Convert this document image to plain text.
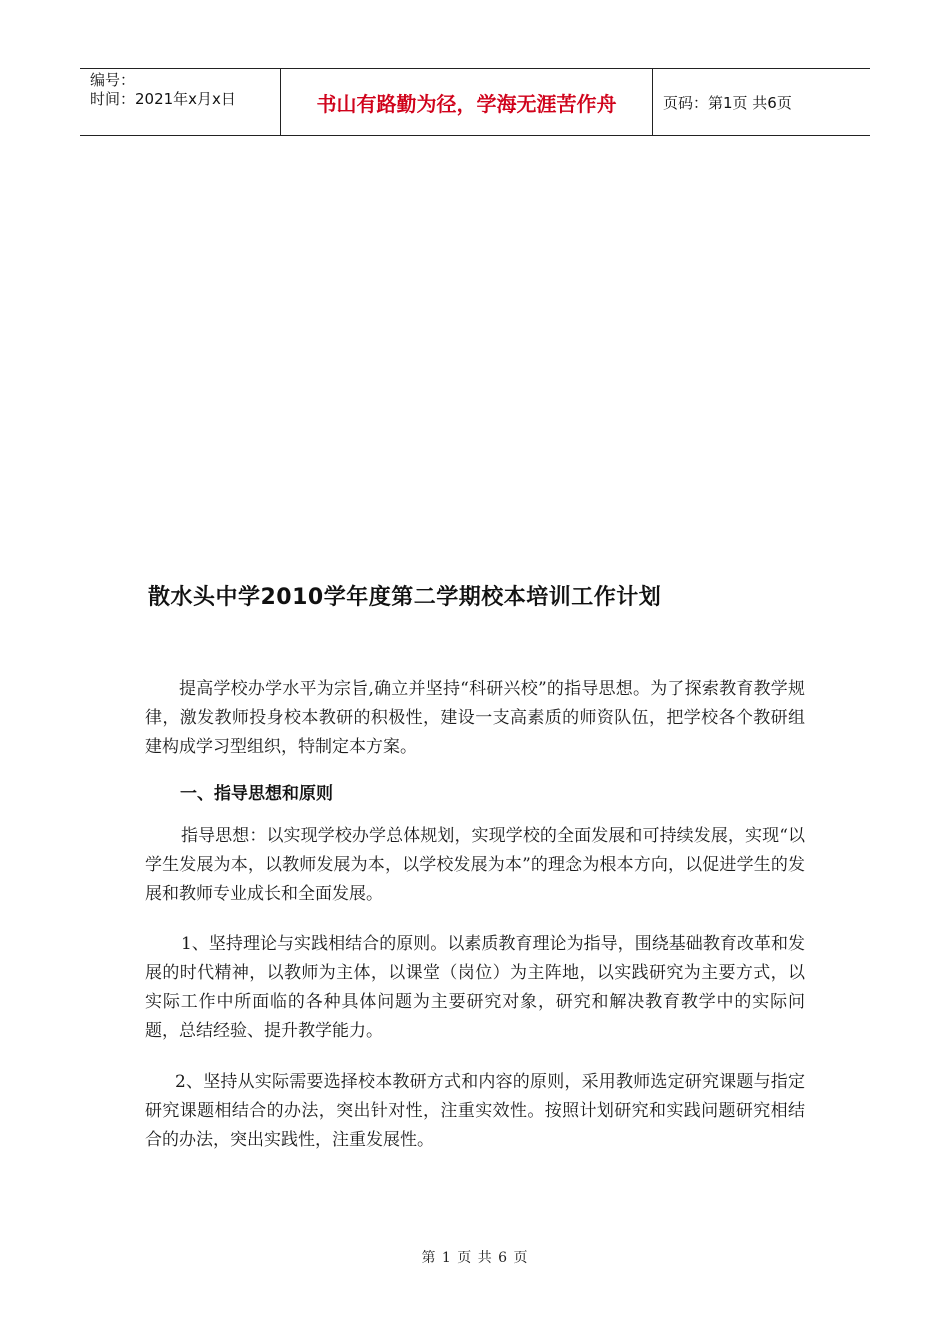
编号：
时间：2021年x月x日	书山有路勤为径，学海无涯苦作舟	页码：第1页 共6页
散水头中学2010学年度第二学期校本培训工作计划

提高学校办学水平为宗旨,确立并坚持“科研兴校”的指导思想。为了探索教育教学规律，激发教师投身校本教研的积极性，建设一支高素质的师资队伍，把学校各个教研组建构成学习型组织，特制定本方案。

一、指导思想和原则

指导思想：以实现学校办学总体规划，实现学校的全面发展和可持续发展，实现“以学生发展为本，以教师发展为本，以学校发展为本”的理念为根本方向，以促进学生的发展和教师专业成长和全面发展。

1、坚持理论与实践相结合的原则。以素质教育理论为指导，围绕基础教育改革和发展的时代精神，以教师为主体，以课堂（岗位）为主阵地，以实践研究为主要方式，以实际工作中所面临的各种具体问题为主要研究对象，研究和解决教育教学中的实际问题，总结经验、提升教学能力。

2、坚持从实际需要选择校本教研方式和内容的原则，采用教师选定研究课题与指定研究课题相结合的办法，突出针对性，注重实效性。按照计划研究和实践问题研究相结合的办法，突出实践性，注重发展性。

第 1 页 共 6 页
